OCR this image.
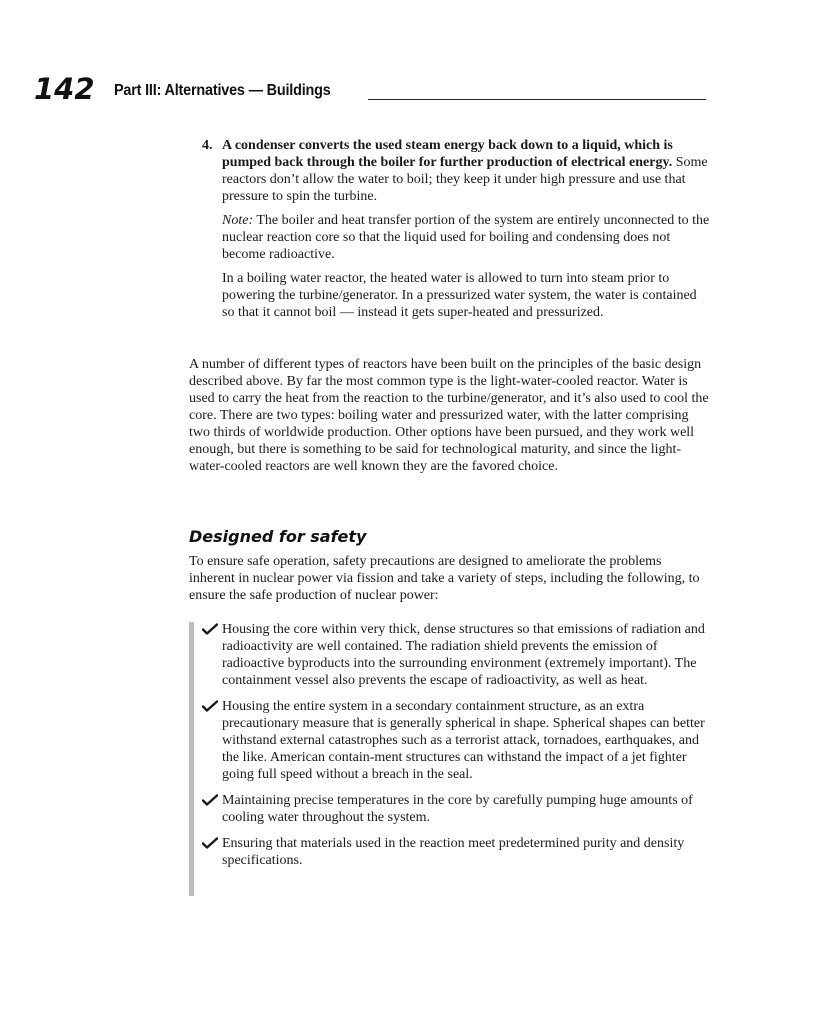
142 Part III: Alternatives — Buildings
4. A condenser converts the used steam energy back down to a liquid, which is pumped back through the boiler for further production of electrical energy. Some reactors don’t allow the water to boil; they keep it under high pressure and use that pressure to spin the turbine.

Note: The boiler and heat transfer portion of the system are entirely unconnected to the nuclear reaction core so that the liquid used for boiling and condensing does not become radioactive.

In a boiling water reactor, the heated water is allowed to turn into steam prior to powering the turbine/generator. In a pressurized water system, the water is contained so that it cannot boil — instead it gets super-heated and pressurized.

A number of different types of reactors have been built on the principles of the basic design described above. By far the most common type is the light-water-cooled reactor. Water is used to carry the heat from the reaction to the turbine/generator, and it’s also used to cool the core. There are two types: boiling water and pressurized water, with the latter comprising two thirds of worldwide production. Other options have been pursued, and they work well enough, but there is something to be said for technological maturity, and since the light-water-cooled reactors are well known they are the favored choice.

Designed for safety

To ensure safe operation, safety precautions are designed to ameliorate the problems inherent in nuclear power via fission and take a variety of steps, including the following, to ensure the safe production of nuclear power:

Housing the core within very thick, dense structures so that emissions of radiation and radioactivity are well contained. The radiation shield prevents the emission of radioactive byproducts into the surrounding environment (extremely important). The containment vessel also prevents the escape of radioactivity, as well as heat.
Housing the entire system in a secondary containment structure, as an extra precautionary measure that is generally spherical in shape. Spherical shapes can better withstand external catastrophes such as a terrorist attack, tornadoes, earthquakes, and the like. American contain-ment structures can withstand the impact of a jet fighter going full speed without a breach in the seal.
Maintaining precise temperatures in the core by carefully pumping huge amounts of cooling water throughout the system.
Ensuring that materials used in the reaction meet predetermined purity and density specifications.
